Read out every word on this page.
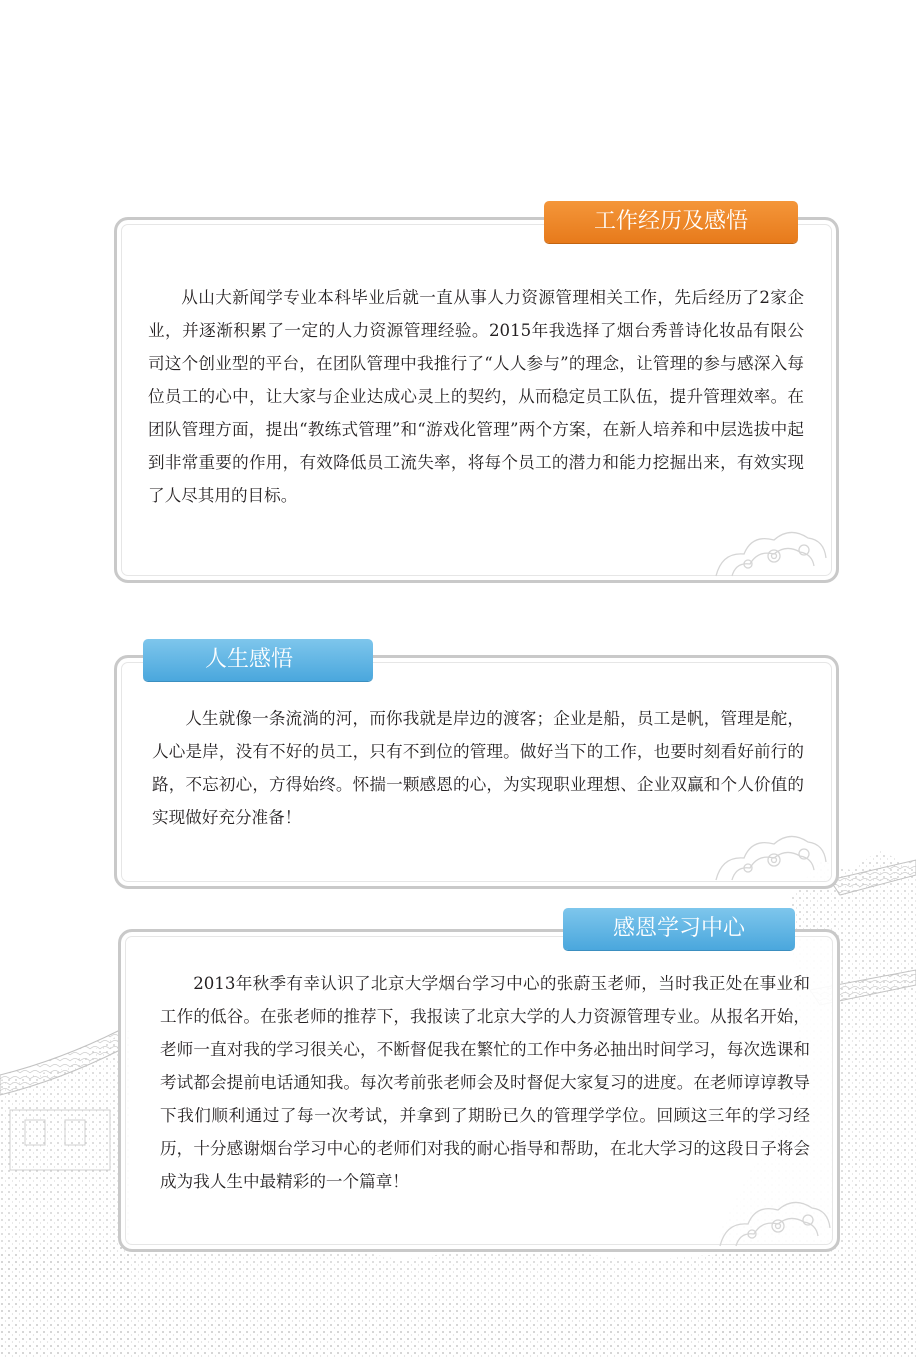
工作经历及感悟

从山大新闻学专业本科毕业后就一直从事人力资源管理相关工作，先后经历了2家企业，并逐渐积累了一定的人力资源管理经验。2015年我选择了烟台秀普诗化妆品有限公司这个创业型的平台，在团队管理中我推行了“人人参与”的理念，让管理的参与感深入每位员工的心中，让大家与企业达成心灵上的契约，从而稳定员工队伍，提升管理效率。在团队管理方面，提出“教练式管理”和“游戏化管理”两个方案，在新人培养和中层选拔中起到非常重要的作用，有效降低员工流失率，将每个员工的潜力和能力挖掘出来，有效实现了人尽其用的目标。

人生感悟

人生就像一条流淌的河，而你我就是岸边的渡客；企业是船，员工是帆，管理是舵，人心是岸，没有不好的员工，只有不到位的管理。做好当下的工作，也要时刻看好前行的路，不忘初心，方得始终。怀揣一颗感恩的心，为实现职业理想、企业双赢和个人价值的实现做好充分准备！

感恩学习中心

2013年秋季有幸认识了北京大学烟台学习中心的张蔚玉老师，当时我正处在事业和工作的低谷。在张老师的推荐下，我报读了北京大学的人力资源管理专业。从报名开始，老师一直对我的学习很关心，不断督促我在繁忙的工作中务必抽出时间学习，每次选课和考试都会提前电话通知我。每次考前张老师会及时督促大家复习的进度。在老师谆谆教导下我们顺利通过了每一次考试，并拿到了期盼已久的管理学学位。回顾这三年的学习经历，十分感谢烟台学习中心的老师们对我的耐心指导和帮助，在北大学习的这段日子将会成为我人生中最精彩的一个篇章！
